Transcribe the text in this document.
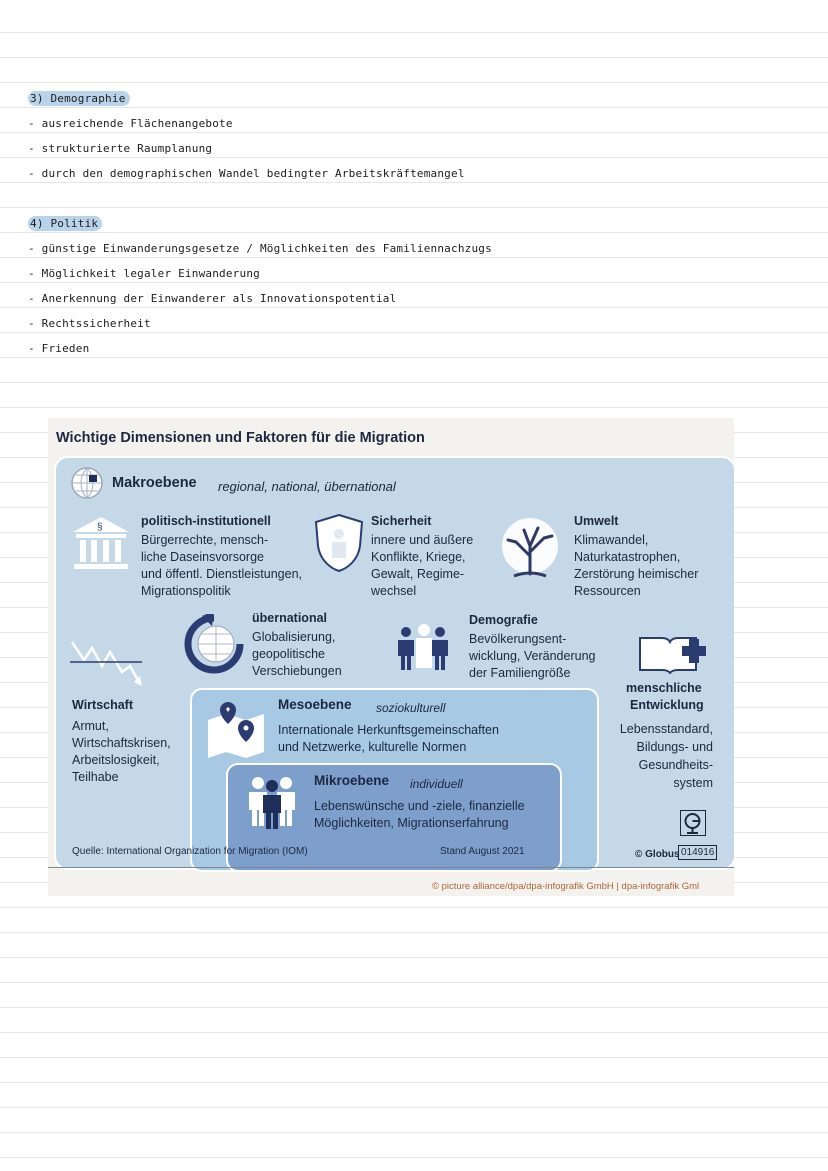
3) Demographie
- ausreichende Flächenangebote
- strukturierte Raumplanung
- durch den demographischen Wandel bedingter Arbeitskräftemangel
4) Politik
- günstige Einwanderungsgesetze / Möglichkeiten des Familiennachzugs
- Möglichkeit legaler Einwanderung
- Anerkennung der Einwanderer als Innovationspotential
- Rechtssicherheit
- Frieden
Wichtige Dimensionen und Faktoren für die Migration
Makroebene regional, national, übernational
§	politisch-institutionell
Bürgerrechte, mensch-
liche Daseinsvorsorge
und öffentl. Dienstleistungen,
Migrationspolitik
Sicherheit
innere und äußere
Konflikte, Kriege,
Gewalt, Regime-
wechsel
Umwelt
Klimawandel,
Naturkatastrophen,
Zerstörung heimischer
Ressourcen
übernational
Globalisierung,
geopolitische
Verschiebungen
Demografie
Bevölkerungsent-
wicklung, Veränderung
der Familiengröße
Wirtschaft
Armut,
Wirtschaftskrisen,
Arbeitslosigkeit,
Teilhabe
menschliche
Entwicklung
Lebensstandard,
Bildungs- und
Gesundheits-
system
Mesoebene soziokulturell
Internationale Herkunftsgemeinschaften
und Netzwerke, kulturelle Normen
Mikroebene individuell
Lebenswünsche und -ziele, finanzielle
Möglichkeiten, Migrationserfahrung
Quelle: International Organization for Migration (IOM)	Stand August 2021	© Globus 014916
© picture alliance/dpa/dpa-infografik GmbH | dpa-infografik Gml
